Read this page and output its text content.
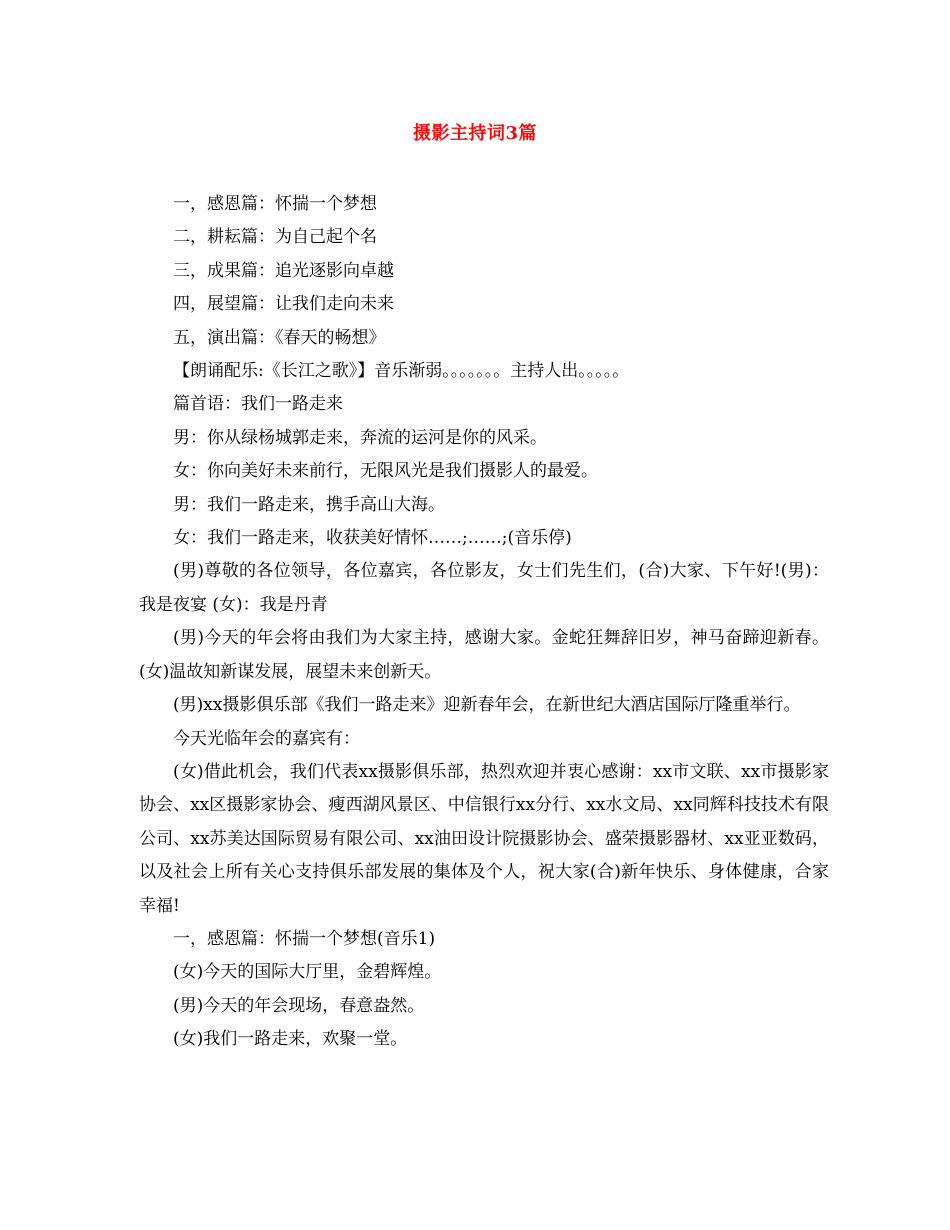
摄影主持词3篇

一，感恩篇：怀揣一个梦想

二，耕耘篇：为自己起个名

三，成果篇：追光逐影向卓越

四，展望篇：让我们走向未来

五，演出篇：《春天的畅想》

【朗诵配乐:《长江之歌》】音乐渐弱。。。。。。。主持人出。。。。。

篇首语：我们一路走来

男：你从绿杨城郭走来，奔流的运河是你的风采。

女：你向美好未来前行，无限风光是我们摄影人的最爱。

男：我们一路走来，携手高山大海。

女：我们一路走来，收获美好情怀……;……;(音乐停)

(男)尊敬的各位领导，各位嘉宾，各位影友，女士们先生们，(合)大家、下午好!(男)：我是夜宴 (女)：我是丹青

(男)今天的年会将由我们为大家主持，感谢大家。金蛇狂舞辞旧岁，神马奋蹄迎新春。 (女)温故知新谋发展，展望未来创新天。

(男)xx摄影俱乐部《我们一路走来》迎新春年会，在新世纪大酒店国际厅隆重举行。

今天光临年会的嘉宾有：

(女)借此机会，我们代表xx摄影俱乐部，热烈欢迎并衷心感谢：xx市文联、xx市摄影家协会、xx区摄影家协会、瘦西湖风景区、中信银行xx分行、xx水文局、xx同辉科技技术有限公司、xx苏美达国际贸易有限公司、xx油田设计院摄影协会、盛荣摄影器材、xx亚亚数码，以及社会上所有关心支持俱乐部发展的集体及个人，祝大家(合)新年快乐、身体健康，合家幸福!

一，感恩篇：怀揣一个梦想(音乐1)

(女)今天的国际大厅里，金碧辉煌。

(男)今天的年会现场，春意盎然。

(女)我们一路走来，欢聚一堂。
